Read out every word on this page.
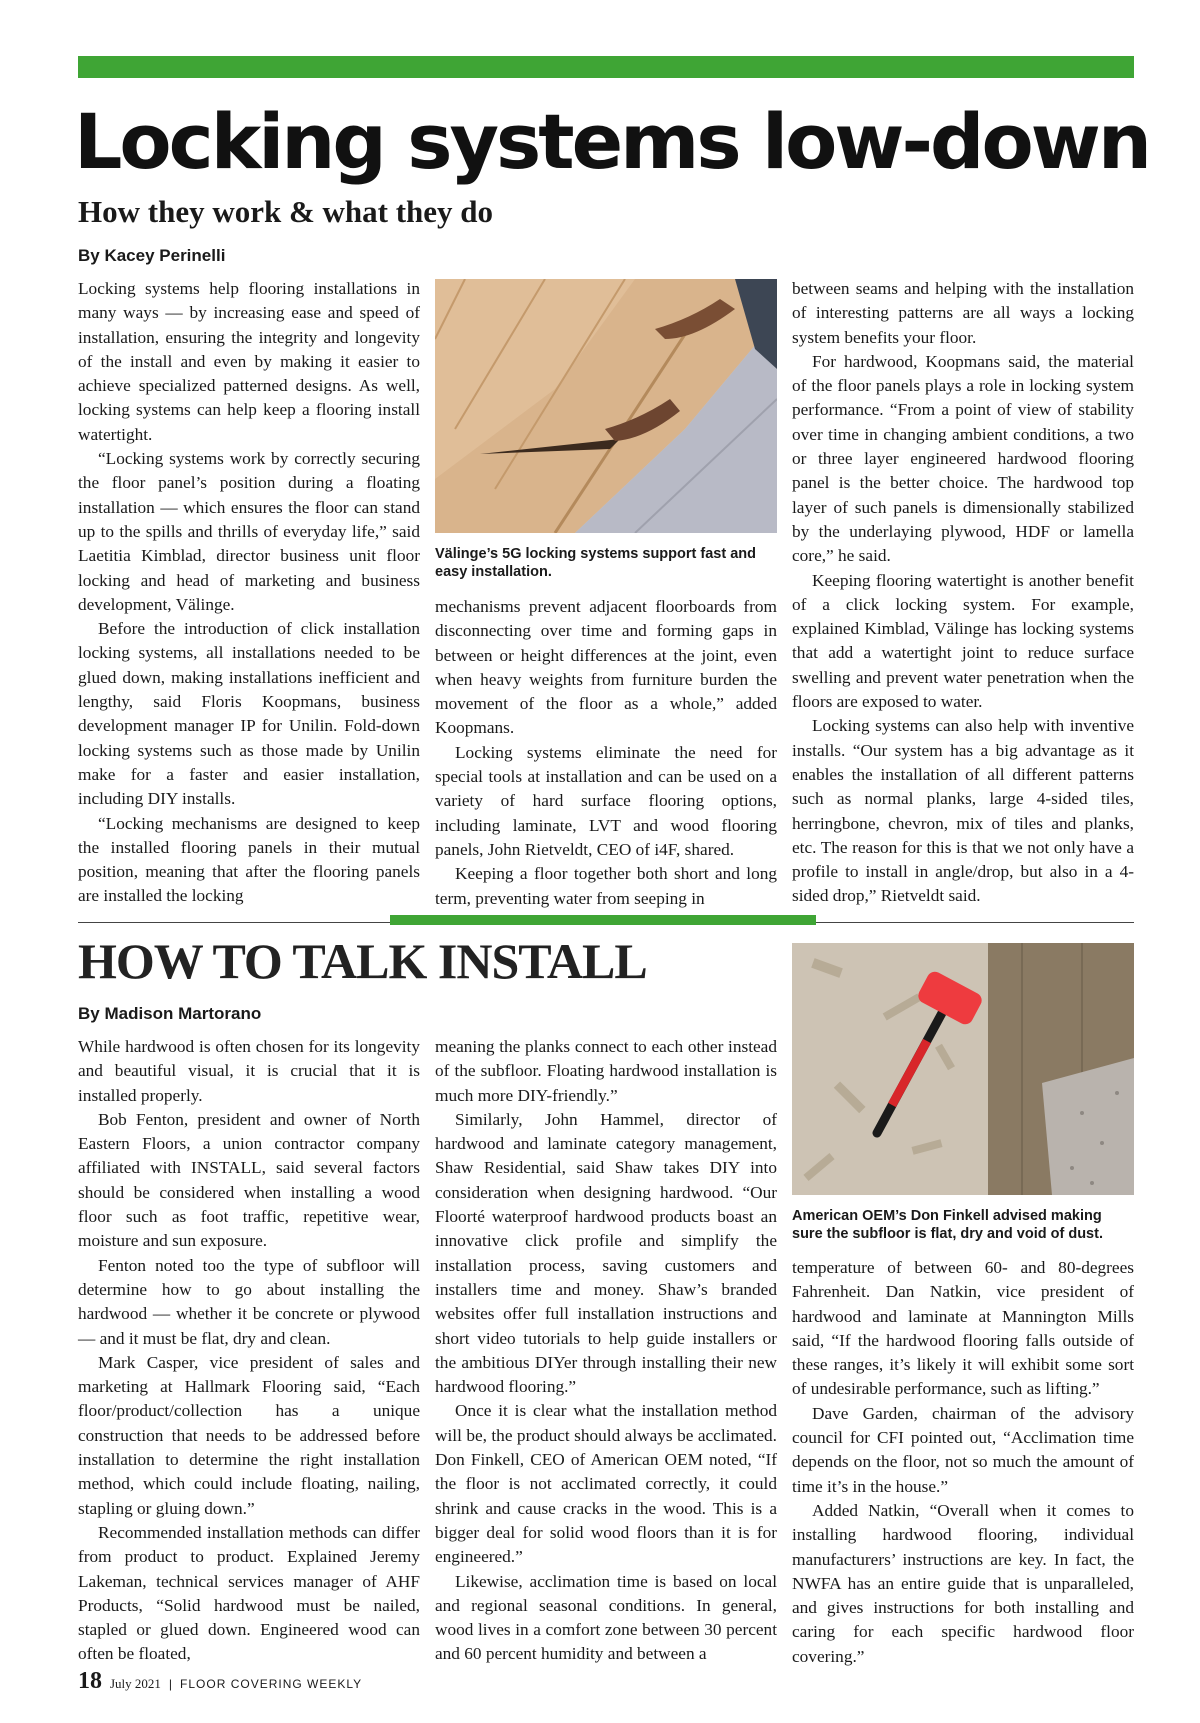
Locking systems low-down
How they work & what they do

By Kacey Perinelli

Locking systems help flooring installations in many ways — by increasing ease and speed of installation, ensuring the integrity and longevity of the install and even by making it easier to achieve specialized patterned designs. As well, locking systems can help keep a flooring install watertight.

“Locking systems work by correctly securing the floor panel’s position during a floating installation — which ensures the floor can stand up to the spills and thrills of everyday life,” said Laetitia Kimblad, director business unit floor locking and head of marketing and business development, Välinge.

Before the introduction of click installation locking systems, all installations needed to be glued down, making installations inefficient and lengthy, said Floris Koopmans, business development manager IP for Unilin. Fold-down locking systems such as those made by Unilin make for a faster and easier installation, including DIY installs.

“Locking mechanisms are designed to keep the installed flooring panels in their mutual position, meaning that after the flooring panels are installed the locking

Välinge’s 5G locking systems support fast and easy installation.

mechanisms prevent adjacent floorboards from disconnecting over time and forming gaps in between or height differences at the joint, even when heavy weights from furniture burden the movement of the floor as a whole,” added Koopmans.

Locking systems eliminate the need for special tools at installation and can be used on a variety of hard surface flooring options, including laminate, LVT and wood flooring panels, John Rietveldt, CEO of i4F, shared.

Keeping a floor together both short and long term, preventing water from seeping in

between seams and helping with the installation of interesting patterns are all ways a locking system benefits your floor.

For hardwood, Koopmans said, the material of the floor panels plays a role in locking system performance. “From a point of view of stability over time in changing ambient conditions, a two or three layer engineered hardwood flooring panel is the better choice. The hardwood top layer of such panels is dimensionally stabilized by the underlaying plywood, HDF or lamella core,” he said.

Keeping flooring watertight is another benefit of a click locking system. For example, explained Kimblad, Välinge has locking systems that add a watertight joint to reduce surface swelling and prevent water penetration when the floors are exposed to water.

Locking systems can also help with inventive installs. “Our system has a big advantage as it enables the installation of all different patterns such as normal planks, large 4-sided tiles, herringbone, chevron, mix of tiles and planks, etc. The reason for this is that we not only have a profile to install in angle/drop, but also in a 4-sided drop,” Rietveldt said.

HOW TO TALK INSTALL

By Madison Martorano

While hardwood is often chosen for its longevity and beautiful visual, it is crucial that it is installed properly.

Bob Fenton, president and owner of North Eastern Floors, a union contractor company affiliated with INSTALL, said several factors should be considered when installing a wood floor such as foot traffic, repetitive wear, moisture and sun exposure.

Fenton noted too the type of subfloor will determine how to go about installing the hardwood — whether it be concrete or plywood — and it must be flat, dry and clean.

Mark Casper, vice president of sales and marketing at Hallmark Flooring said, “Each floor/product/collection has a unique construction that needs to be addressed before installation to determine the right installation method, which could include floating, nailing, stapling or gluing down.”

Recommended installation methods can differ from product to product. Explained Jeremy Lakeman, technical services manager of AHF Products, “Solid hardwood must be nailed, stapled or glued down. Engineered wood can often be floated,

meaning the planks connect to each other instead of the subfloor. Floating hardwood installation is much more DIY-friendly.”

Similarly, John Hammel, director of hardwood and laminate category management, Shaw Residential, said Shaw takes DIY into consideration when designing hardwood. “Our Floorté waterproof hardwood products boast an innovative click profile and simplify the installation process, saving customers and installers time and money. Shaw’s branded websites offer full installation instructions and short video tutorials to help guide installers or the ambitious DIYer through installing their new hardwood flooring.”

Once it is clear what the installation method will be, the product should always be acclimated. Don Finkell, CEO of American OEM noted, “If the floor is not acclimated correctly, it could shrink and cause cracks in the wood. This is a bigger deal for solid wood floors than it is for engineered.”

Likewise, acclimation time is based on local and regional seasonal conditions. In general, wood lives in a comfort zone between 30 percent and 60 percent humidity and between a

American OEM’s Don Finkell advised making sure the subfloor is flat, dry and void of dust.

temperature of between 60- and 80-degrees Fahrenheit. Dan Natkin, vice president of hardwood and laminate at Mannington Mills said, “If the hardwood flooring falls outside of these ranges, it’s likely it will exhibit some sort of undesirable performance, such as lifting.”

Dave Garden, chairman of the advisory council for CFI pointed out, “Acclimation time depends on the floor, not so much the amount of time it’s in the house.”

Added Natkin, “Overall when it comes to installing hardwood flooring, individual manufacturers’ instructions are key. In fact, the NWFA has an entire guide that is unparalleled, and gives instructions for both installing and caring for each specific hardwood floor covering.”

18 July 2021 | FLOOR COVERING WEEKLY
